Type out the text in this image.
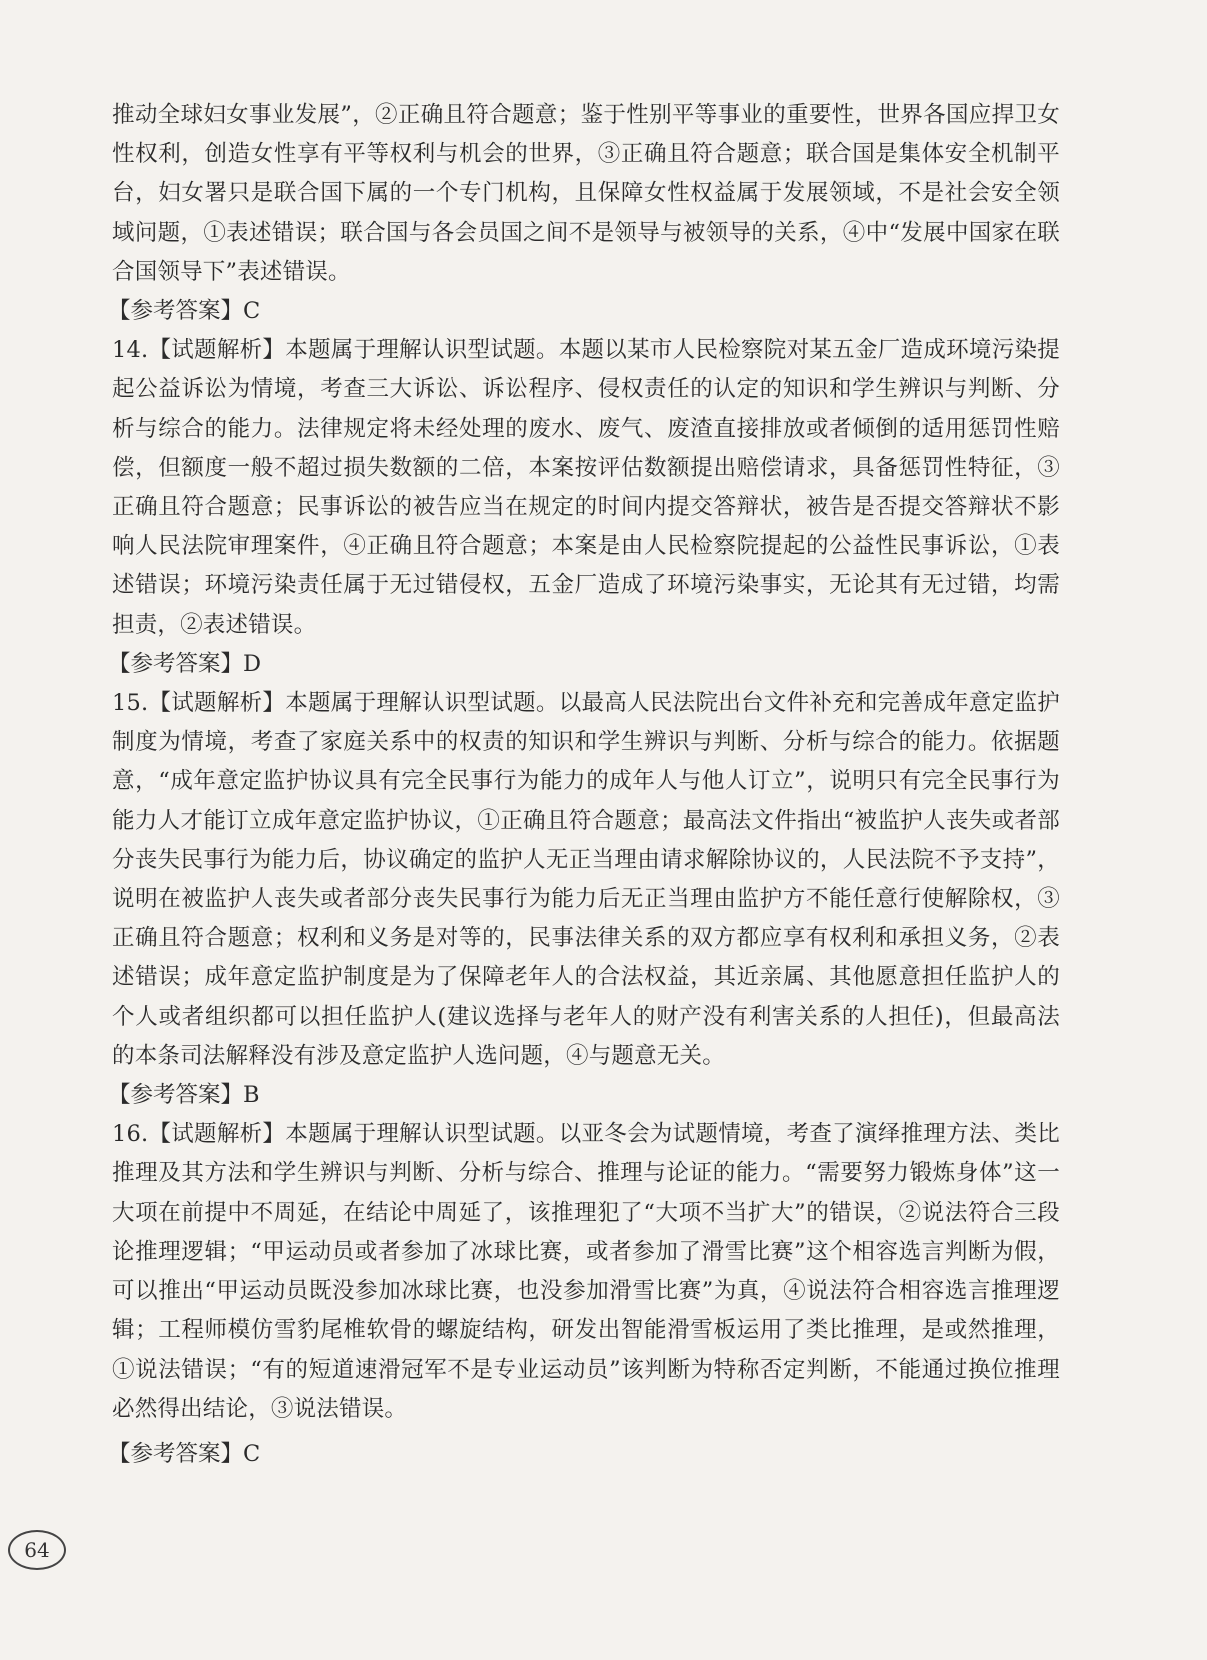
推动全球妇女事业发展”，②正确且符合题意；鉴于性别平等事业的重要性，世界各国应捍卫女性权利，创造女性享有平等权利与机会的世界，③正确且符合题意；联合国是集体安全机制平台，妇女署只是联合国下属的一个专门机构，且保障女性权益属于发展领域，不是社会安全领域问题，①表述错误；联合国与各会员国之间不是领导与被领导的关系，④中“发展中国家在联合国领导下”表述错误。

【参考答案】C

14.【试题解析】本题属于理解认识型试题。本题以某市人民检察院对某五金厂造成环境污染提起公益诉讼为情境，考查三大诉讼、诉讼程序、侵权责任的认定的知识和学生辨识与判断、分析与综合的能力。法律规定将未经处理的废水、废气、废渣直接排放或者倾倒的适用惩罚性赔偿，但额度一般不超过损失数额的二倍，本案按评估数额提出赔偿请求，具备惩罚性特征，③正确且符合题意；民事诉讼的被告应当在规定的时间内提交答辩状，被告是否提交答辩状不影响人民法院审理案件，④正确且符合题意；本案是由人民检察院提起的公益性民事诉讼，①表述错误；环境污染责任属于无过错侵权，五金厂造成了环境污染事实，无论其有无过错，均需担责，②表述错误。

【参考答案】D

15.【试题解析】本题属于理解认识型试题。以最高人民法院出台文件补充和完善成年意定监护制度为情境，考查了家庭关系中的权责的知识和学生辨识与判断、分析与综合的能力。依据题意，“成年意定监护协议具有完全民事行为能力的成年人与他人订立”，说明只有完全民事行为能力人才能订立成年意定监护协议，①正确且符合题意；最高法文件指出“被监护人丧失或者部分丧失民事行为能力后，协议确定的监护人无正当理由请求解除协议的，人民法院不予支持”，说明在被监护人丧失或者部分丧失民事行为能力后无正当理由监护方不能任意行使解除权，③正确且符合题意；权利和义务是对等的，民事法律关系的双方都应享有权利和承担义务，②表述错误；成年意定监护制度是为了保障老年人的合法权益，其近亲属、其他愿意担任监护人的个人或者组织都可以担任监护人(建议选择与老年人的财产没有利害关系的人担任)，但最高法的本条司法解释没有涉及意定监护人选问题，④与题意无关。

【参考答案】B

16.【试题解析】本题属于理解认识型试题。以亚冬会为试题情境，考查了演绎推理方法、类比推理及其方法和学生辨识与判断、分析与综合、推理与论证的能力。“需要努力锻炼身体”这一大项在前提中不周延，在结论中周延了，该推理犯了“大项不当扩大”的错误，②说法符合三段论推理逻辑；“甲运动员或者参加了冰球比赛，或者参加了滑雪比赛”这个相容选言判断为假，可以推出“甲运动员既没参加冰球比赛，也没参加滑雪比赛”为真，④说法符合相容选言推理逻辑；工程师模仿雪豹尾椎软骨的螺旋结构，研发出智能滑雪板运用了类比推理，是或然推理，①说法错误；“有的短道速滑冠军不是专业运动员”该判断为特称否定判断，不能通过换位推理必然得出结论，③说法错误。

【参考答案】C

64
